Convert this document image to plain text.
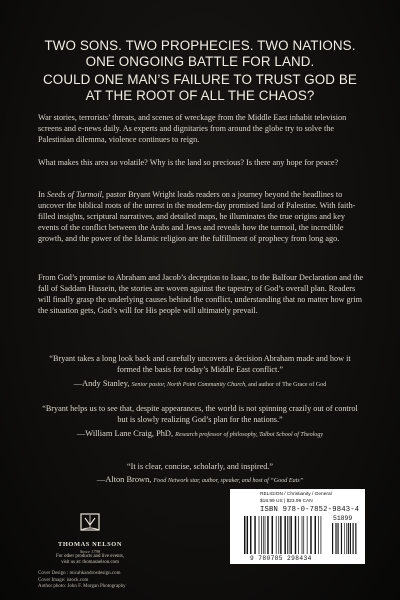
TWO SONS. TWO PROPHECIES. TWO NATIONS.
ONE ONGOING BATTLE FOR LAND.
COULD ONE MAN’S FAILURE TO TRUST GOD BE
AT THE ROOT OF ALL THE CHAOS?

War stories, terrorists’ threats, and scenes of wreckage from the Middle East inhabit television screens and e-news daily. As experts and dignitaries from around the globe try to solve the Palestinian dilemma, violence continues to reign.

What makes this area so volatile? Why is the land so precious? Is there any hope for peace?

In Seeds of Turmoil, pastor Bryant Wright leads readers on a journey beyond the headlines to uncover the biblical roots of the unrest in the modern-day promised land of Palestine. With faith-filled insights, scriptural narratives, and detailed maps, he illuminates the true origins and key events of the conflict between the Arabs and Jews and reveals how the turmoil, the incredible growth, and the power of the Islamic religion are the fulfillment of prophecy from long ago.

From God’s promise to Abraham and Jacob’s deception to Isaac, to the Balfour Declaration and the fall of Saddam Hussein, the stories are woven against the tapestry of God’s overall plan. Readers will finally grasp the underlying causes behind the conflict, understanding that no matter how grim the situation gets, God’s will for His people will ultimately prevail.

“Bryant takes a long look back and carefully uncovers a decision Abraham made and how it formed the basis for today’s Middle East conflict.”

—Andy Stanley, Senior pastor, North Point Community Church, and author of The Grace of God

“Bryant helps us to see that, despite appearances, the world is not spinning crazily out of control but is slowly realizing God’s plan for the nations.”

—William Lane Craig, PhD, Research professor of philosophy, Talbot School of Theology

“It is clear, concise, scholarly, and inspired.”

—Alton Brown, Food Network star, author, speaker, and host of “Good Eats”

THOMAS NELSON
Since 1798
For other products and live events,
visit us at: thomasnelson.com
Cover Design : micahkandrosdesign.com
Cover Image: istock.com
Author photo: John F. Morgan Photography
RELIGION / Christianity / General
$18.99 US | $23.99 CAN
ISBN 978-0-7852-9843-4
51899
9 780785 298434
